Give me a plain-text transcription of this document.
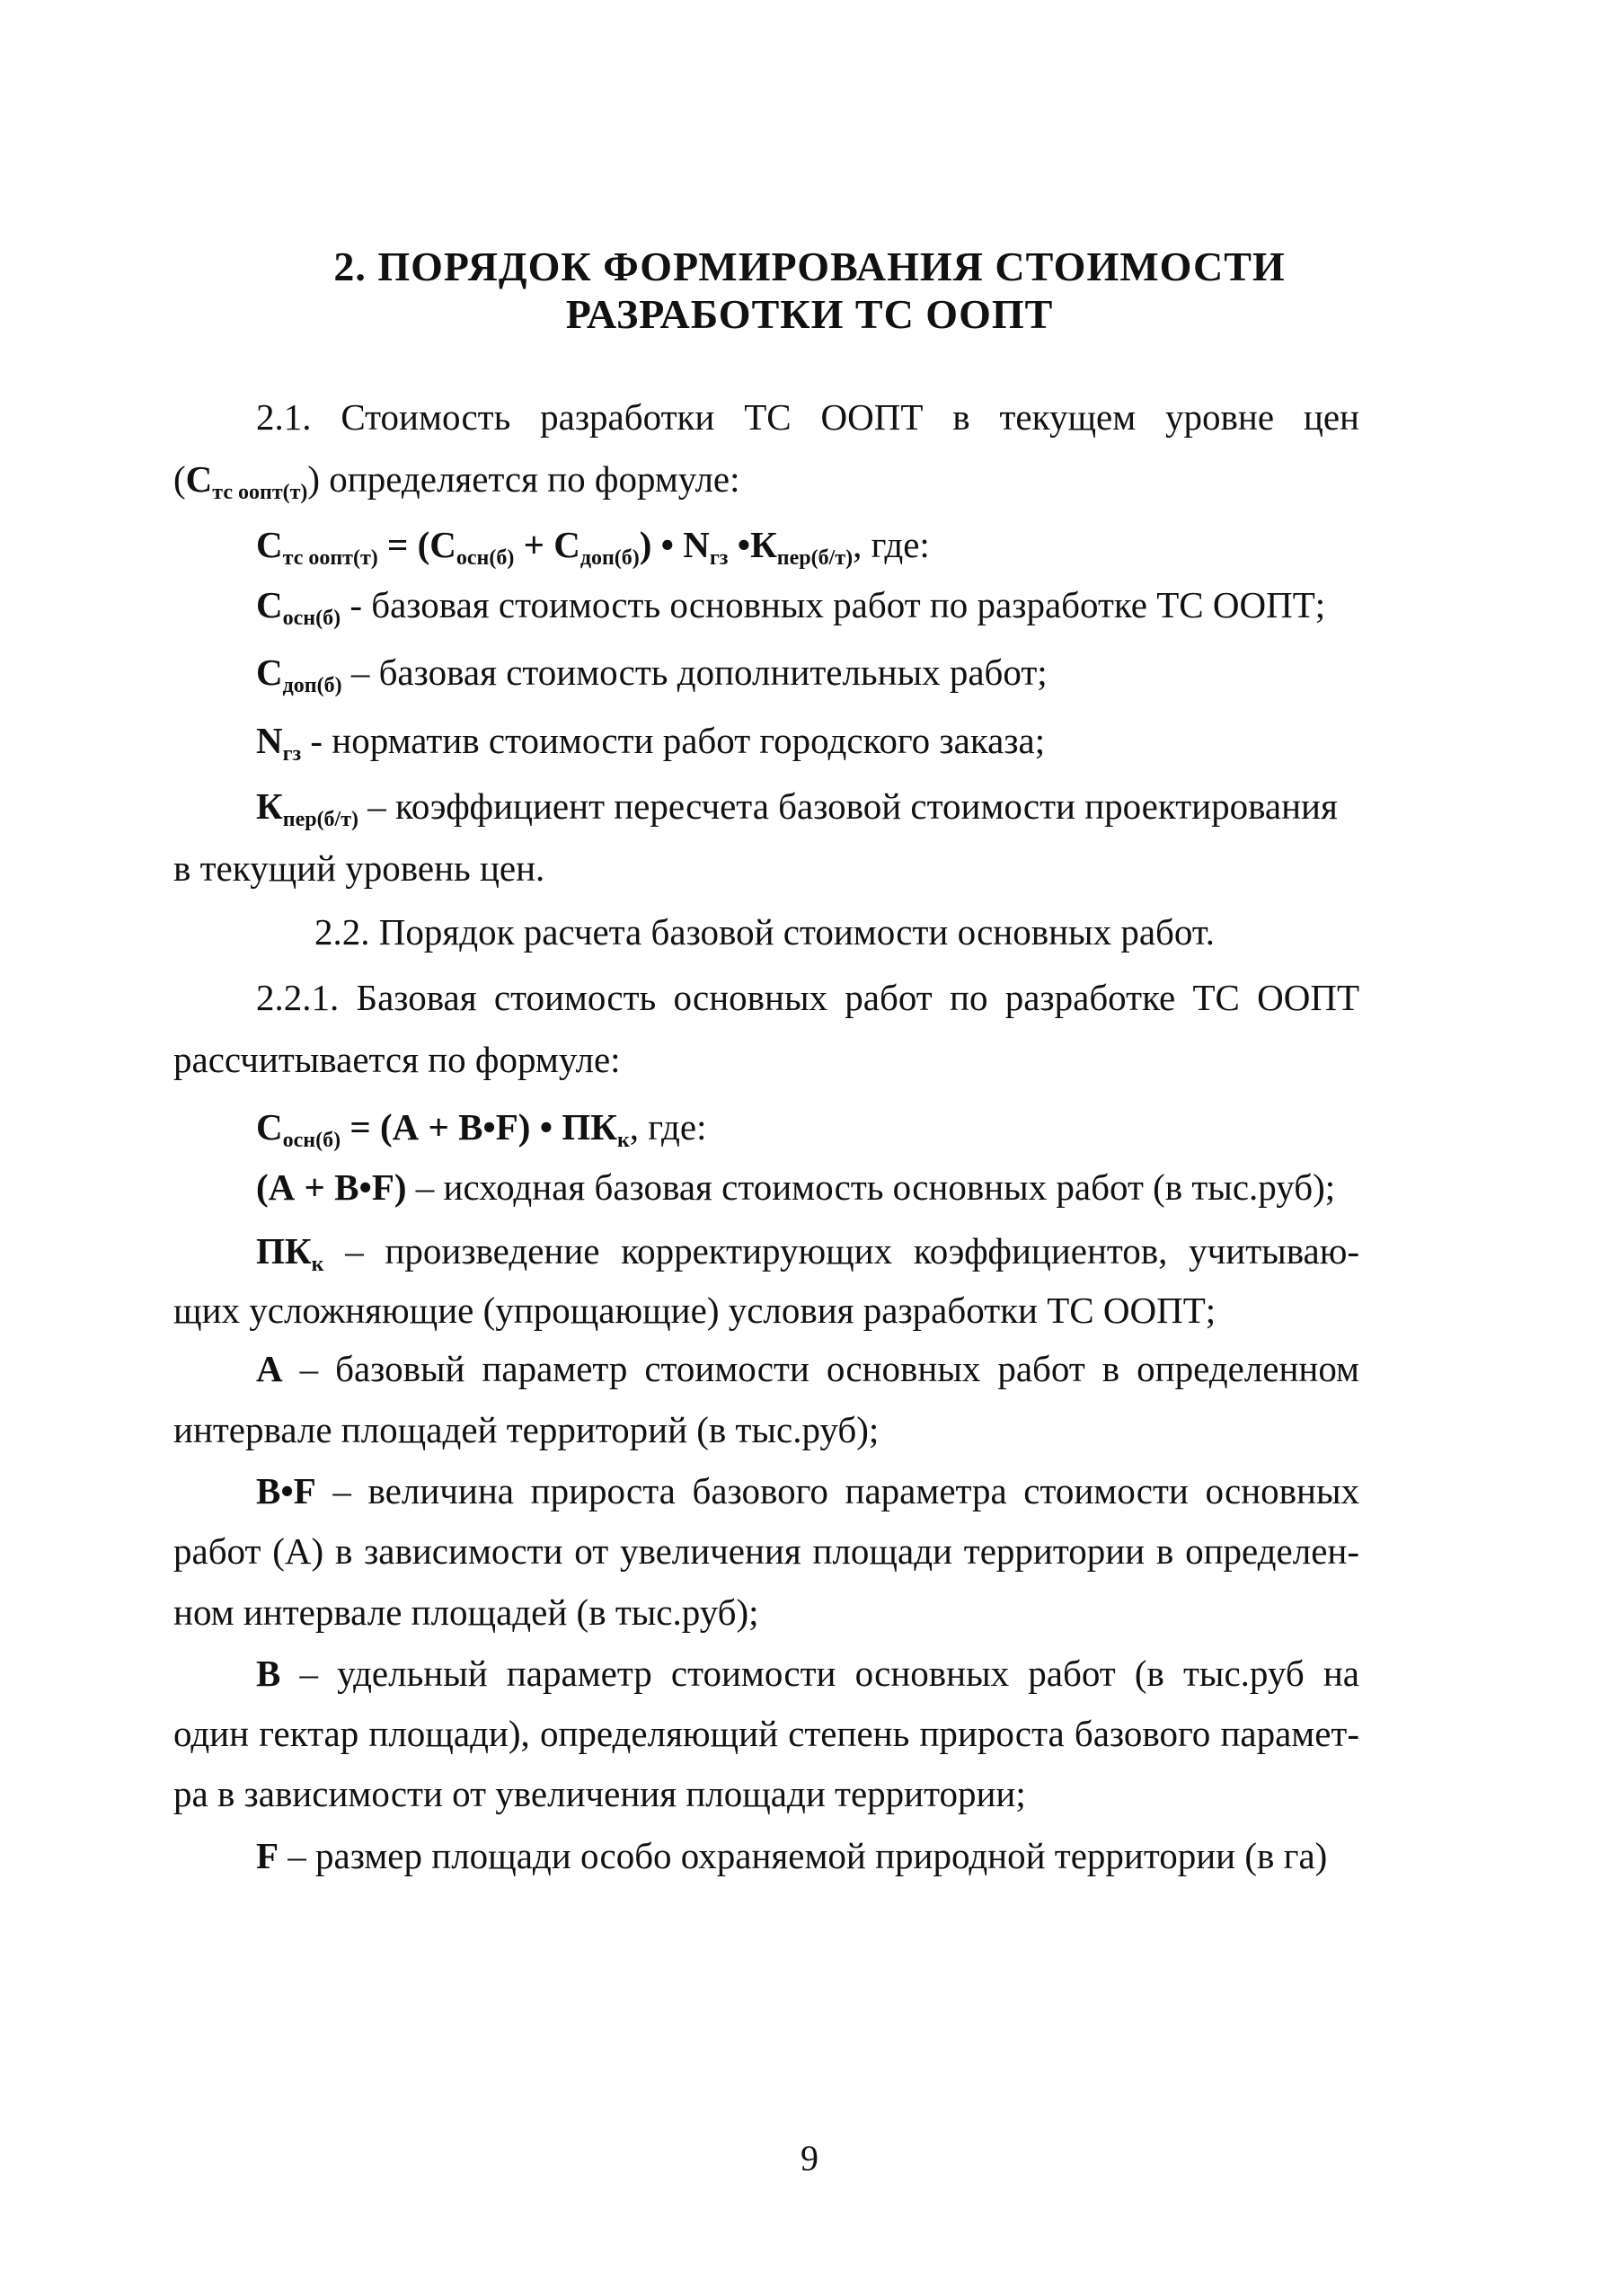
2. ПОРЯДОК ФОРМИРОВАНИЯ СТОИМОСТИ
РАЗРАБОТКИ ТС ООПТ
2.1. Стоимость разработки ТС ООПТ в текущем уровне цен
$(С_{тс оопт(т)})$ определяется по формуле:
$С_{тс оопт(т)} = (С_{осн(б)} + С_{доп(б)})$ • $N_{гз}$ $•К_{пер(б/т)}$, где:
$С_{осн(б)}$ - базовая стоимость основных работ по разработке ТС ООПТ;
$С_{доп(б)}$ – базовая стоимость дополнительных работ;
$N_{гз}$ - норматив стоимости работ городского заказа;
$К_{пер(б/т)}$ – коэффициент пересчета базовой стоимости проектирования
в текущий уровень цен.
2.2. Порядок расчета базовой стоимости основных работ.
2.2.1. Базовая стоимость основных работ по разработке ТС ООПТ
рассчитывается по формуле:
$С_{осн(б)} = (А$ + В•F) • $ПК_к$, где:
(А + В•F) – исходная базовая стоимость основных работ (в тыс.руб);
$ПК_к$ – произведение корректирующих коэффициентов, учитываю-
щих усложняющие (упрощающие) условия разработки ТС ООПТ;
А – базовый параметр стоимости основных работ в определенном
интервале площадей территорий (в тыс.руб);
В•F – величина прироста базового параметра стоимости основных
работ (А) в зависимости от увеличения площади территории в определен-
ном интервале площадей (в тыс.руб);
В – удельный параметр стоимости основных работ (в тыс.руб на
один гектар площади), определяющий степень прироста базового парамет-
ра в зависимости от увеличения площади территории;
F – размер площади особо охраняемой природной территории (в га)
9
